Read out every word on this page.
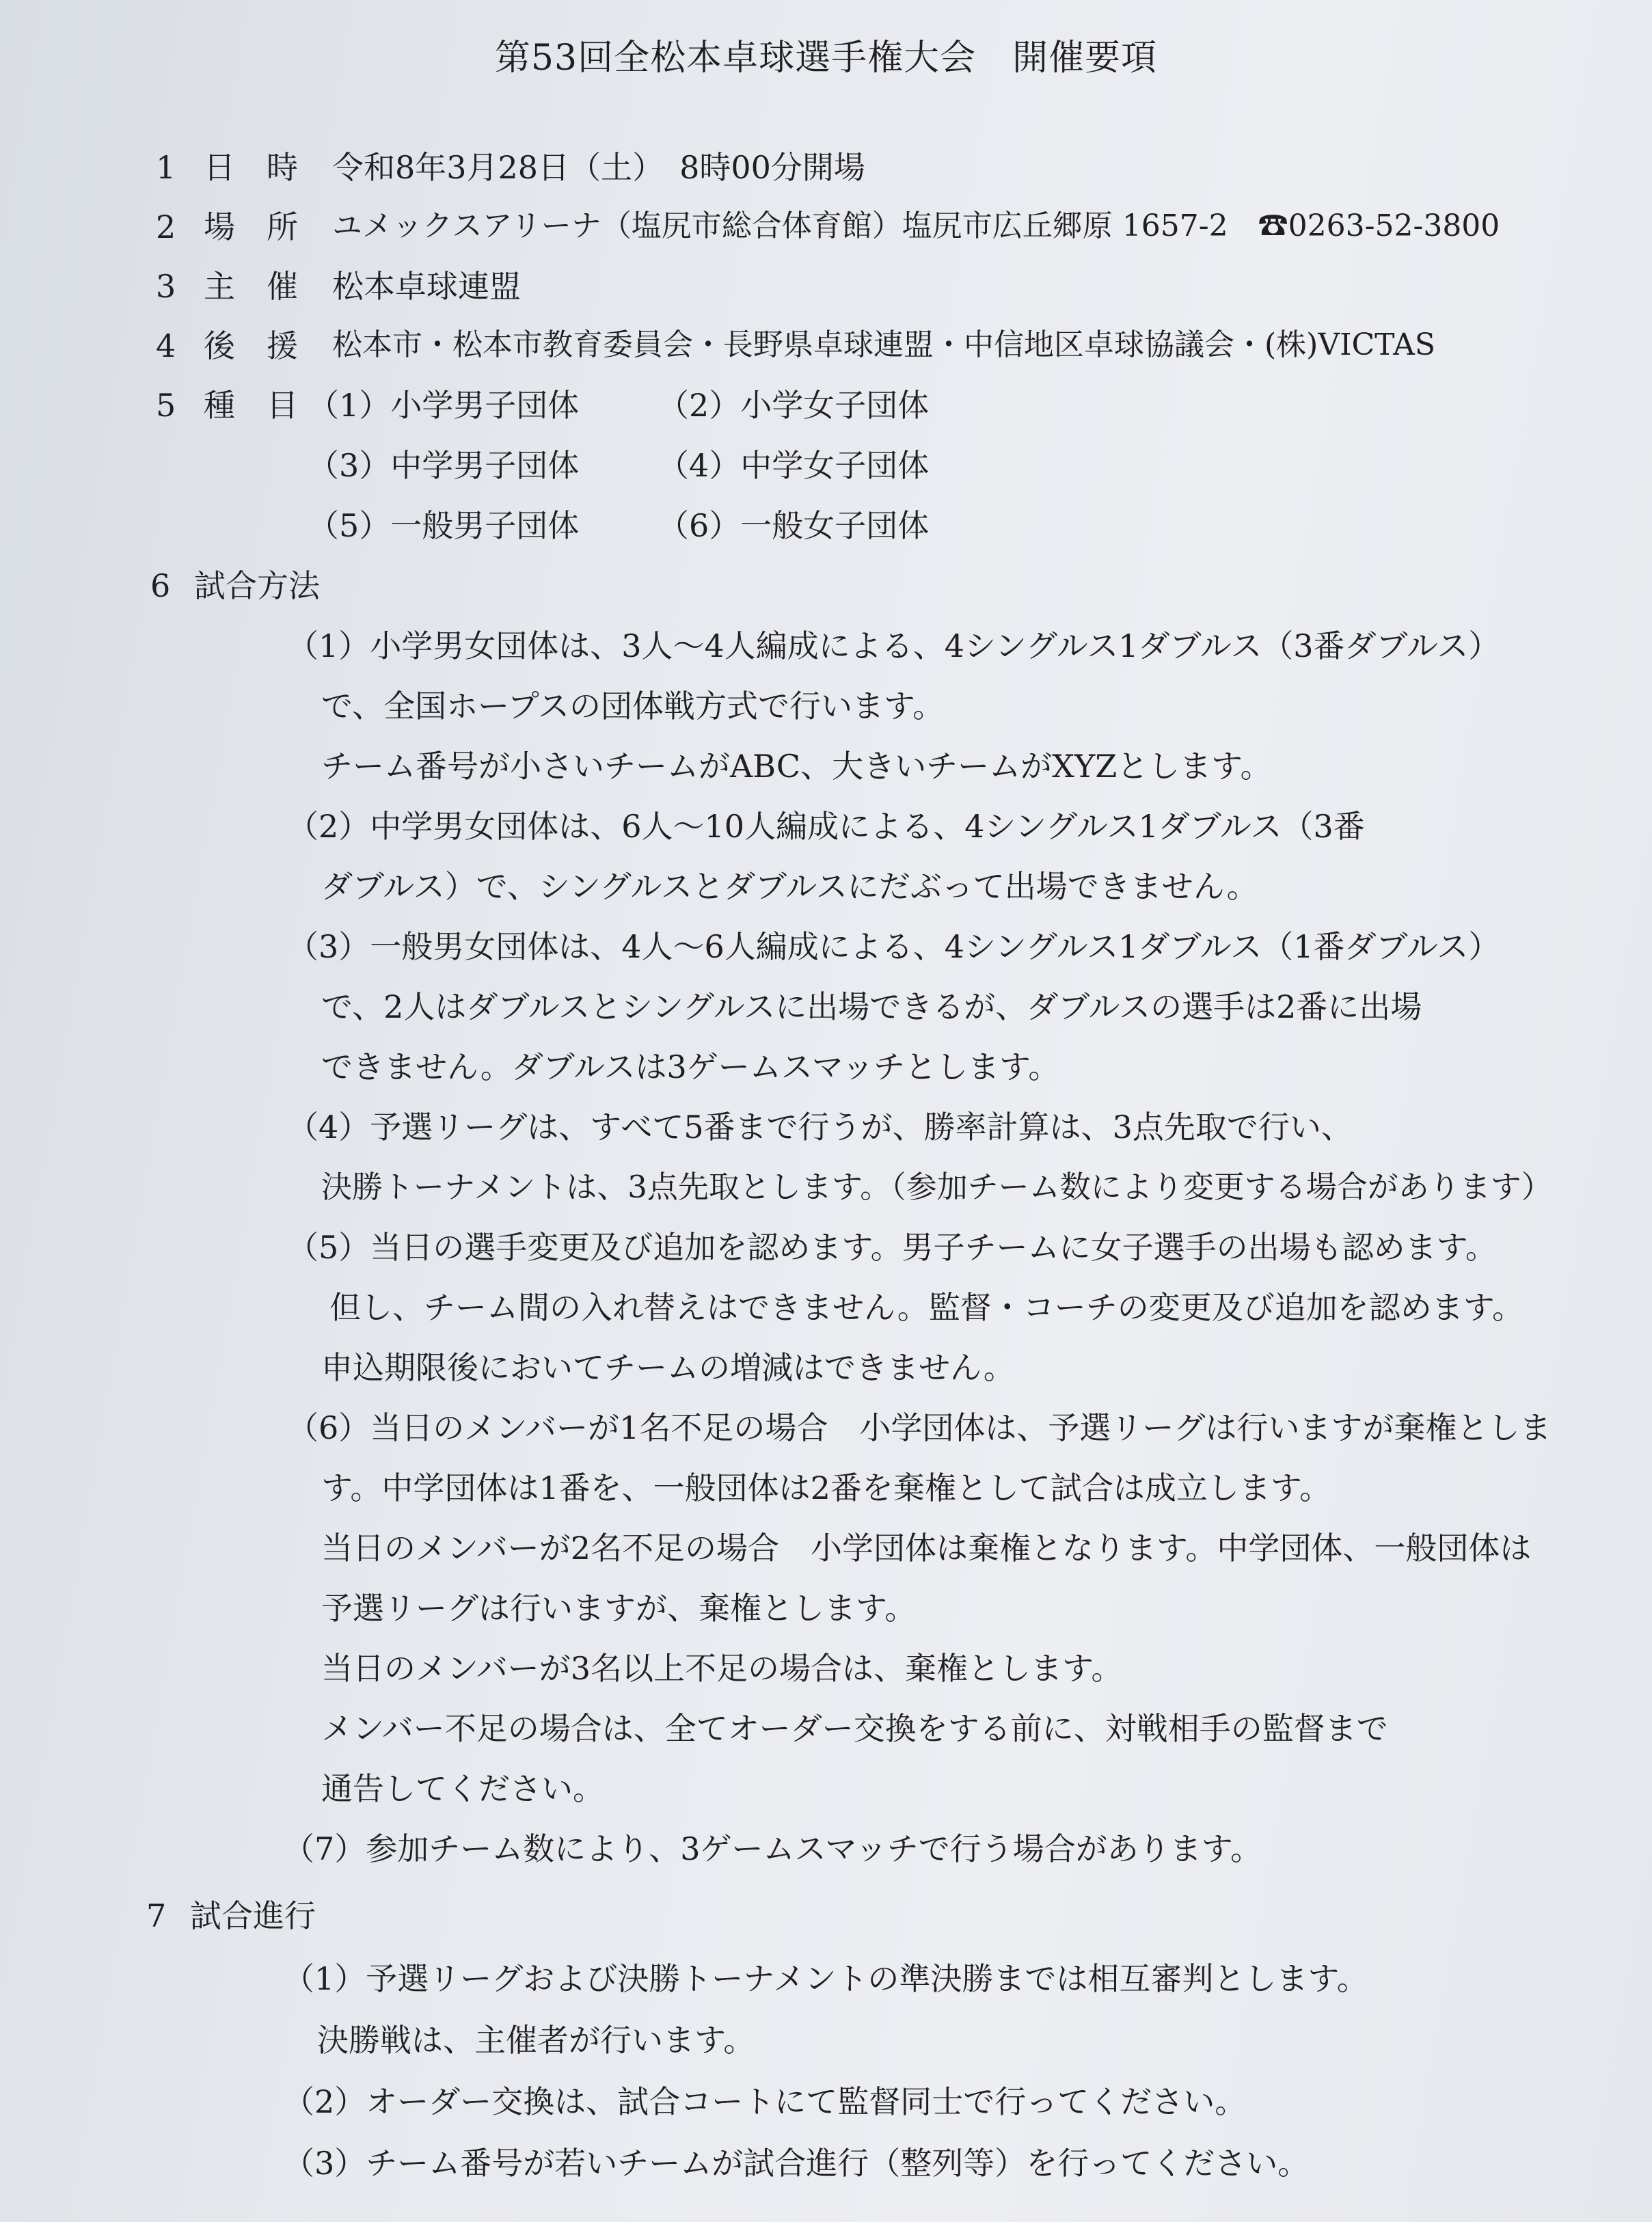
第53回全松本卓球選手権大会　開催要項
1 日　時 令和8年3月28日（土）　8時00分開場
2 場　所 ユメックスアリーナ（塩尻市総合体育館）塩尻市広丘郷原 1657-2　☎0263-52-3800
3 主　催 松本卓球連盟
4 後　援 松本市・松本市教育委員会・長野県卓球連盟・中信地区卓球協議会・(株)VICTAS
5 種　目 （1）小学男子団体 （2）小学女子団体
（3）中学男子団体 （4）中学女子団体
（5）一般男子団体 （6）一般女子団体
6 試合方法
（1）小学男女団体は、3人～4人編成による、4シングルス1ダブルス（3番ダブルス）
で、全国ホープスの団体戦方式で行います。
チーム番号が小さいチームがABC、大きいチームがXYZとします。
（2）中学男女団体は、6人～10人編成による、4シングルス1ダブルス（3番
ダブルス）で、シングルスとダブルスにだぶって出場できません。
（3）一般男女団体は、4人～6人編成による、4シングルス1ダブルス（1番ダブルス）
で、2人はダブルスとシングルスに出場できるが、ダブルスの選手は2番に出場
できません。ダブルスは3ゲームスマッチとします。
（4）予選リーグは、すべて5番まで行うが、勝率計算は、3点先取で行い、
決勝トーナメントは、3点先取とします。（参加チーム数により変更する場合があります）
（5）当日の選手変更及び追加を認めます。男子チームに女子選手の出場も認めます。
但し、チーム間の入れ替えはできません。監督・コーチの変更及び追加を認めます。
申込期限後においてチームの増減はできません。
（6）当日のメンバーが1名不足の場合　小学団体は、予選リーグは行いますが棄権としま
す。中学団体は1番を、一般団体は2番を棄権として試合は成立します。
当日のメンバーが2名不足の場合　小学団体は棄権となります。中学団体、一般団体は
予選リーグは行いますが、棄権とします。
当日のメンバーが3名以上不足の場合は、棄権とします。
メンバー不足の場合は、全てオーダー交換をする前に、対戦相手の監督まで
通告してください。
（7）参加チーム数により、3ゲームスマッチで行う場合があります。
7 試合進行
（1）予選リーグおよび決勝トーナメントの準決勝までは相互審判とします。
決勝戦は、主催者が行います。
（2）オーダー交換は、試合コートにて監督同士で行ってください。
（3）チーム番号が若いチームが試合進行（整列等）を行ってください。
